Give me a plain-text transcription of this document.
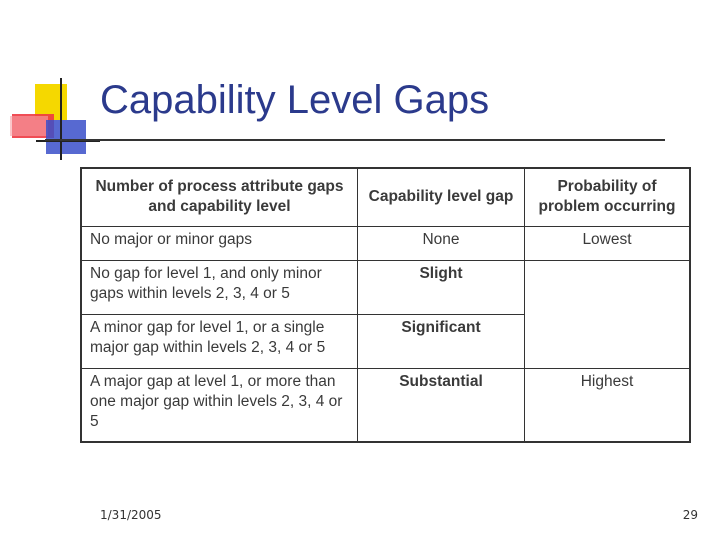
Capability Level Gaps
Number of process attribute gaps and capability level	Capability level gap	Probability of problem occurring
No major or minor gaps	None	Lowest
No gap for level 1, and only minor gaps within levels 2, 3, 4 or 5	Slight	
A minor gap for level 1, or a single major gap within levels 2, 3, 4 or 5	Significant	
A major gap at level 1, or more than one major gap within levels 2, 3, 4 or 5	Substantial	Highest
1/31/2005	29
